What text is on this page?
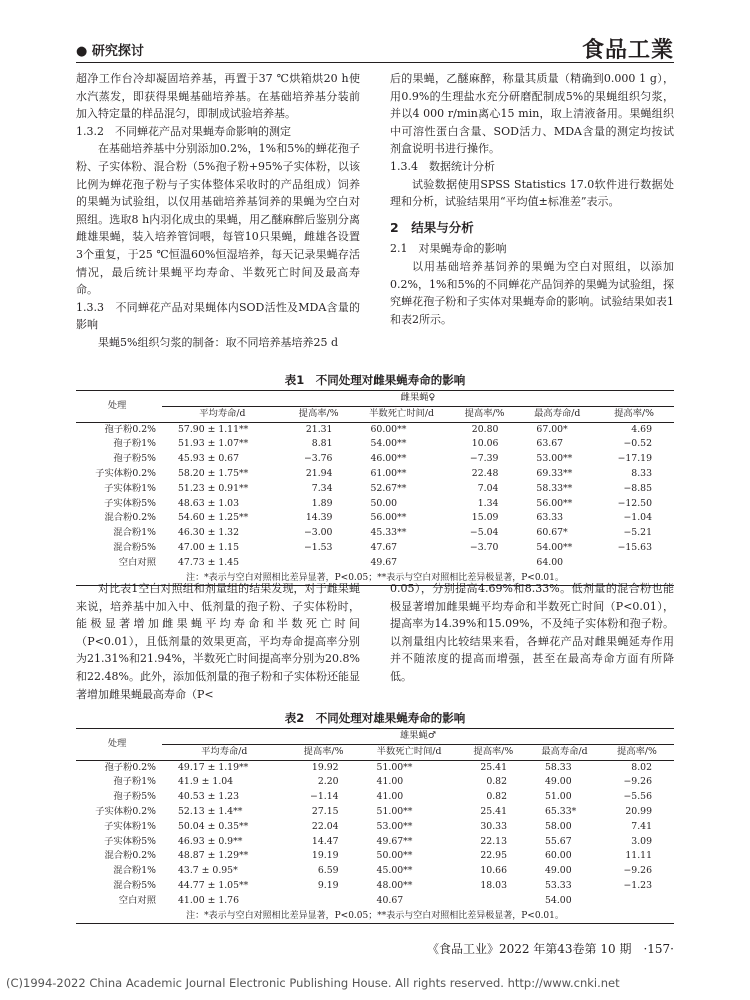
● 研究探讨	食品工業

超净工作台冷却凝固培养基，再置于37 ℃烘箱烘20 h使水汽蒸发，即获得果蝇基础培养基。在基础培养基分装前加入特定量的样品混匀，即制成试验培养基。

1.3.2　不同蝉花产品对果蝇寿命影响的测定

在基础培养基中分别添加0.2%，1%和5%的蝉花孢子粉、子实体粉、混合粉（5%孢子粉+95%子实体粉，以该比例为蝉花孢子粉与子实体整体采收时的产品组成）饲养的果蝇为试验组，以仅用基础培养基饲养的果蝇为空白对照组。选取8 h内羽化成虫的果蝇，用乙醚麻醉后鉴别分离雌雄果蝇，装入培养管饲喂，每管10只果蝇，雌雄各设置3个重复，于25 ℃恒温60%恒湿培养，每天记录果蝇存活情况，最后统计果蝇平均寿命、半数死亡时间及最高寿命。

1.3.3　不同蝉花产品对果蝇体内SOD活性及MDA含量的影响

果蝇5%组织匀浆的制备：取不同培养基培养25 d

后的果蝇，乙醚麻醉，称量其质量（精确到0.000 1 g），用0.9%的生理盐水充分研磨配制成5%的果蝇组织匀浆，并以4 000 r/min离心15 min，取上清液备用。果蝇组织中可溶性蛋白含量、SOD活力、MDA含量的测定均按试剂盒说明书进行操作。

1.3.4　数据统计分析

试验数据使用SPSS Statistics 17.0软件进行数据处理和分析，试验结果用“平均值±标准差”表示。

2　结果与分析

2.1　对果蝇寿命的影响

以用基础培养基饲养的果蝇为空白对照组，以添加0.2%，1%和5%的不同蝉花产品饲养的果蝇为试验组，探究蝉花孢子粉和子实体对果蝇寿命的影响。试验结果如表1和表2所示。

表1　不同处理对雌果蝇寿命的影响
处理	雌果蝇♀					
	平均寿命/d	提高率/%	半数死亡时间/d	提高率/%	最高寿命/d	提高率/%
孢子粉0.2%	57.90 ± 1.11**	21.31	60.00**	20.80	67.00*	4.69
孢子粉1%	51.93 ± 1.07**	8.81	54.00**	10.06	63.67	−0.52
孢子粉5%	45.93 ± 0.67	−3.76	46.00**	−7.39	53.00**	−17.19
子实体粉0.2%	58.20 ± 1.75**	21.94	61.00**	22.48	69.33**	8.33
子实体粉1%	51.23 ± 0.91**	7.34	52.67**	7.04	58.33**	−8.85
子实体粉5%	48.63 ± 1.03	1.89	50.00	1.34	56.00**	−12.50
混合粉0.2%	54.60 ± 1.25**	14.39	56.00**	15.09	63.33	−1.04
混合粉1%	46.30 ± 1.32	−3.00	45.33**	−5.04	60.67*	−5.21
混合粉5%	47.00 ± 1.15	−1.53	47.67	−3.70	54.00**	−15.63
空白对照	47.73 ± 1.45		49.67		64.00	
注：*表示与空白对照相比差异显著，P<0.05；**表示与空白对照相比差异极显著，P<0.01。						

对比表1空白对照组和剂量组的结果发现，对于雌果蝇来说，培养基中加入中、低剂量的孢子粉、子实体粉时，能极显著增加雌果蝇平均寿命和半数死亡时间（P<0.01），且低剂量的效果更高，平均寿命提高率分别为21.31%和21.94%，半数死亡时间提高率分别为20.8%和22.48%。此外，添加低剂量的孢子粉和子实体粉还能显著增加雌果蝇最高寿命（P<

0.05），分别提高4.69%和8.33%。低剂量的混合粉也能极显著增加雌果蝇平均寿命和半数死亡时间（P<0.01），提高率为14.39%和15.09%，不及纯子实体粉和孢子粉。以剂量组内比较结果来看，各蝉花产品对雌果蝇延寿作用并不随浓度的提高而增强，甚至在最高寿命方面有所降低。

表2　不同处理对雄果蝇寿命的影响
处理	雄果蝇♂					
	平均寿命/d	提高率/%	半数死亡时间/d	提高率/%	最高寿命/d	提高率/%
孢子粉0.2%	49.17 ± 1.19**	19.92	51.00**	25.41	58.33	8.02
孢子粉1%	41.9 ± 1.04	2.20	41.00	0.82	49.00	−9.26
孢子粉5%	40.53 ± 1.23	−1.14	41.00	0.82	51.00	−5.56
子实体粉0.2%	52.13 ± 1.4**	27.15	51.00**	25.41	65.33*	20.99
子实体粉1%	50.04 ± 0.35**	22.04	53.00**	30.33	58.00	7.41
子实体粉5%	46.93 ± 0.9**	14.47	49.67**	22.13	55.67	3.09
混合粉0.2%	48.87 ± 1.29**	19.19	50.00**	22.95	60.00	11.11
混合粉1%	43.7 ± 0.95*	6.59	45.00**	10.66	49.00	−9.26
混合粉5%	44.77 ± 1.05**	9.19	48.00**	18.03	53.33	−1.23
空白对照	41.00 ± 1.76		40.67		54.00	
注：*表示与空白对照相比差异显著，P<0.05；**表示与空白对照相比差异极显著，P<0.01。						
《食品工业》2022 年第43卷第 10 期　·157·
(C)1994-2022 China Academic Journal Electronic Publishing House. All rights reserved. http://www.cnki.net
